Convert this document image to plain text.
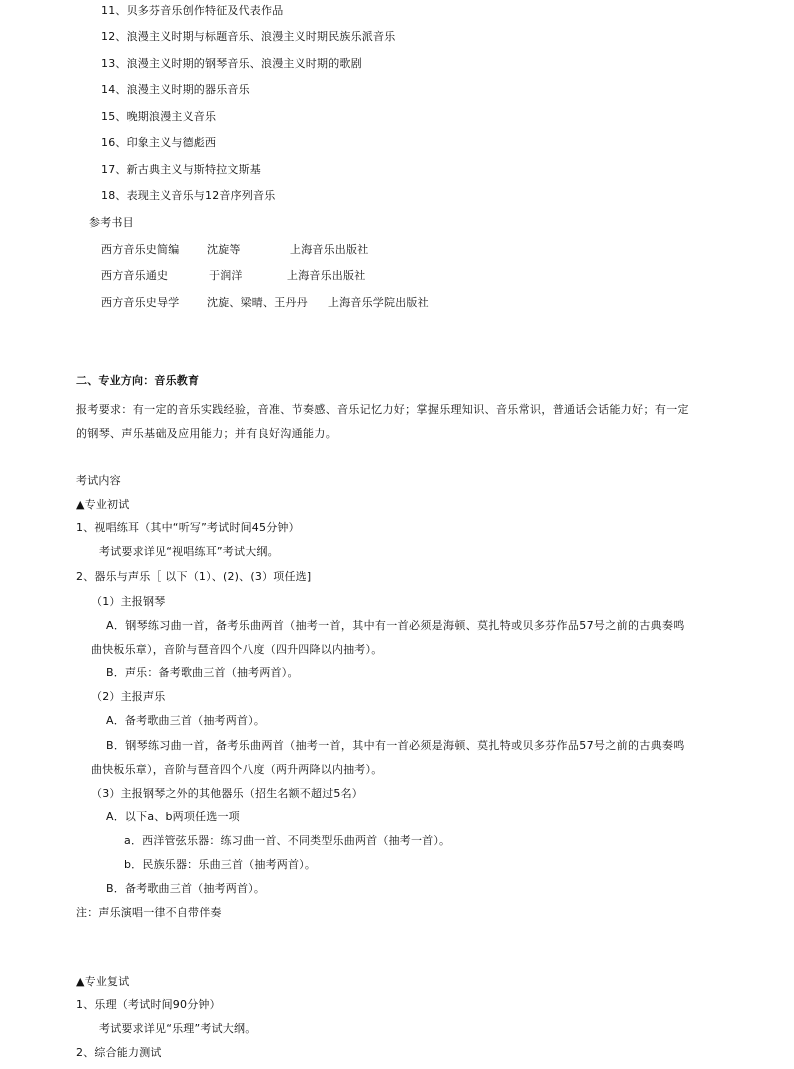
11、贝多芬音乐创作特征及代表作品
12、浪漫主义时期与标题音乐、浪漫主义时期民族乐派音乐
13、浪漫主义时期的钢琴音乐、浪漫主义时期的歌剧
14、浪漫主义时期的器乐音乐
15、晚期浪漫主义音乐
16、印象主义与德彪西
17、新古典主义与斯特拉文斯基
18、表现主义音乐与12音序列音乐
参考书目
西方音乐史简编	沈旋等	上海音乐出版社
西方音乐通史	于润洋	上海音乐出版社
西方音乐史导学	沈旋、梁晴、王丹丹 上海音乐学院出版社
二、专业方向：音乐教育
报考要求：有一定的音乐实践经验，音准、节奏感、音乐记忆力好；掌握乐理知识、音乐常识，普通话会话能力好；有一定
的钢琴、声乐基础及应用能力；并有良好沟通能力。
考试内容
▲专业初试
1、视唱练耳（其中“听写”考试时间45分钟）
考试要求详见“视唱练耳”考试大纲。
2、器乐与声乐［ 以下（1）、(2)、(3）项任选]
（1）主报钢琴
A．钢琴练习曲一首，备考乐曲两首（抽考一首，其中有一首必须是海顿、莫扎特或贝多芬作品57号之前的古典奏鸣
曲快板乐章），音阶与琶音四个八度（四升四降以内抽考）。
B．声乐：备考歌曲三首（抽考两首）。
（2）主报声乐
A．备考歌曲三首（抽考两首）。
B．钢琴练习曲一首，备考乐曲两首（抽考一首，其中有一首必须是海顿、莫扎特或贝多芬作品57号之前的古典奏鸣
曲快板乐章），音阶与琶音四个八度（两升两降以内抽考）。
（3）主报钢琴之外的其他器乐（招生名额不超过5名）
A．以下a、b两项任选一项
a．西洋管弦乐器：练习曲一首、不同类型乐曲两首（抽考一首）。
b．民族乐器：乐曲三首（抽考两首）。
B．备考歌曲三首（抽考两首）。
注：声乐演唱一律不自带伴奏
▲专业复试
1、乐理（考试时间90分钟）
考试要求详见“乐理”考试大纲。
2、综合能力测试
